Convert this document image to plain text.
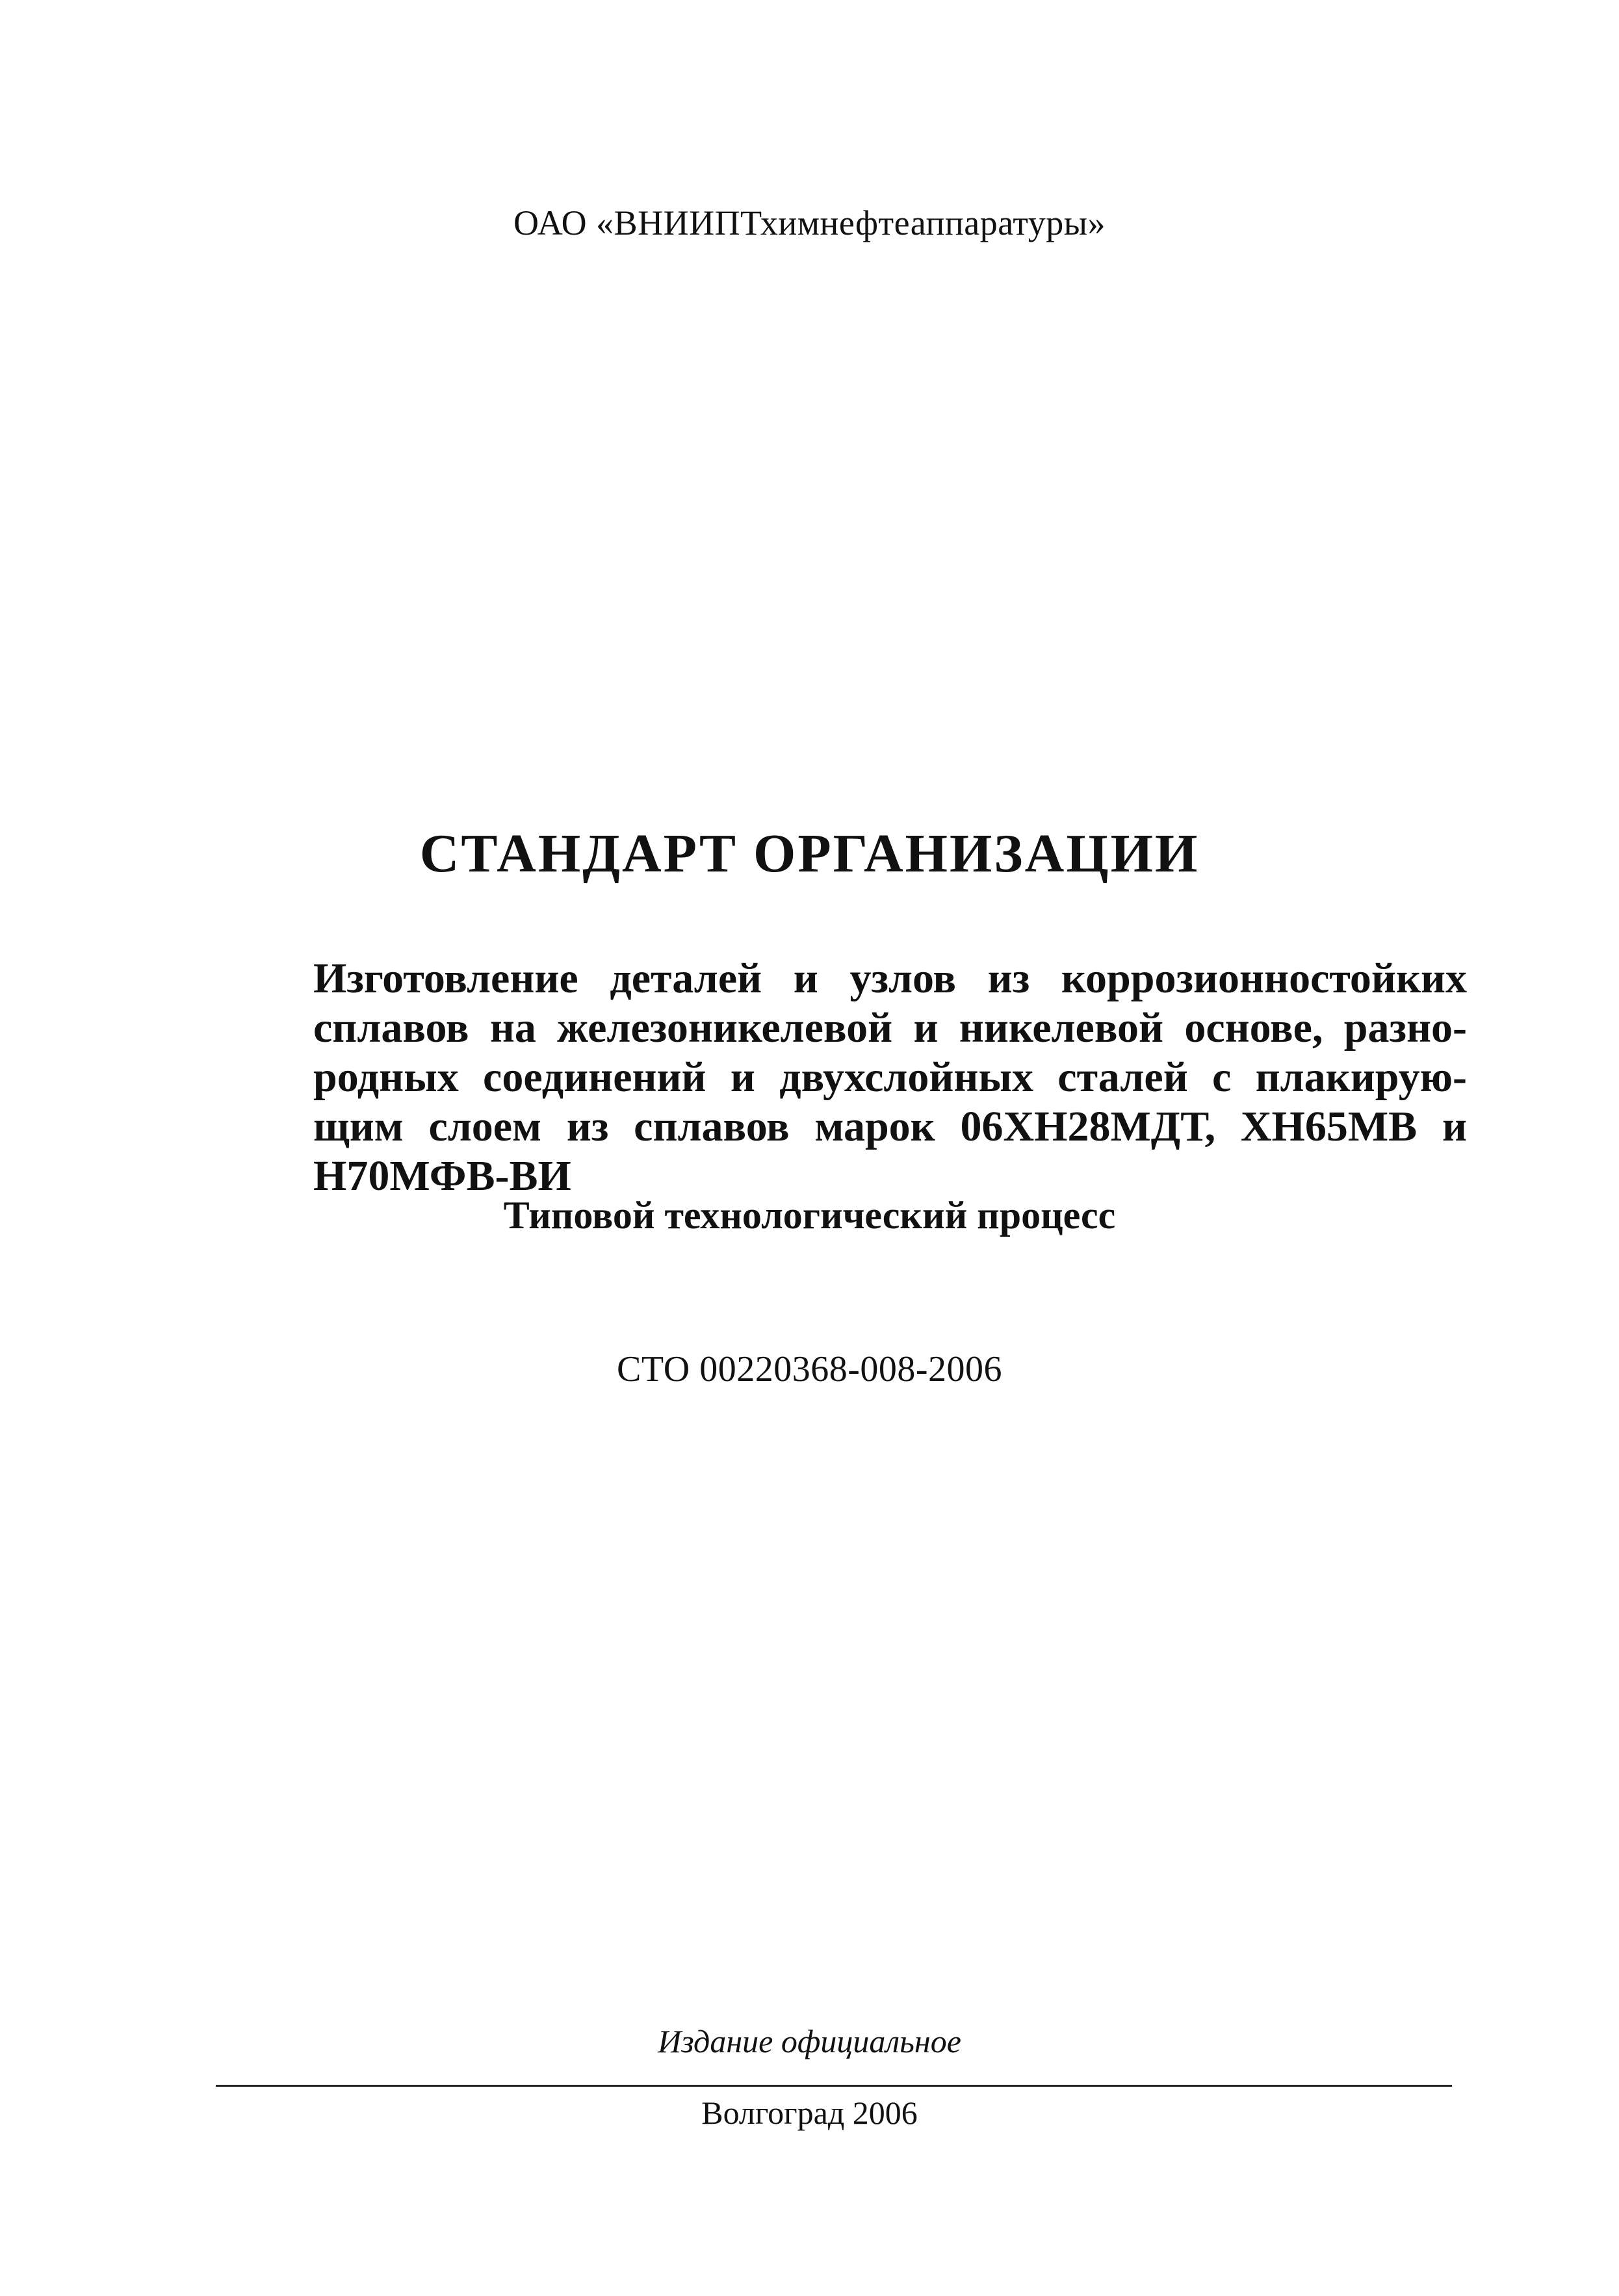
ОАО «ВНИИПТхимнефтеаппаратуры»
СТАНДАРТ ОРГАНИЗАЦИИ
Изготовление деталей и узлов из коррозионностойких
сплавов на железоникелевой и никелевой основе, разно-
родных соединений и двухслойных сталей с плакирую-
щим слоем из сплавов марок 06ХН28МДТ, ХН65МВ и
Н70МФВ-ВИ
Типовой технологический процесс
СТО 00220368-008-2006
Издание официальное
Волгоград 2006
